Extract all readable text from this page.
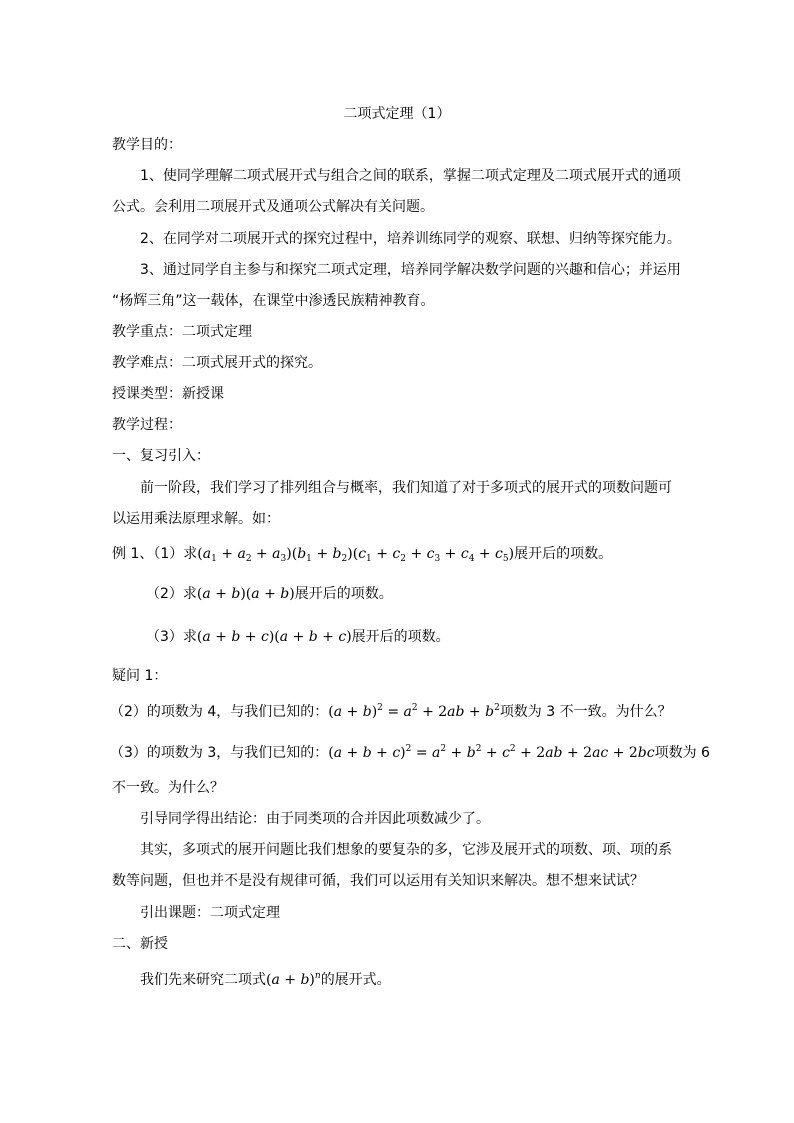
二项式定理（1）
教学目的：
1、使同学理解二项式展开式与组合之间的联系，掌握二项式定理及二项式展开式的通项
公式。会利用二项展开式及通项公式解决有关问题。
2、在同学对二项展开式的探究过程中，培养训练同学的观察、联想、归纳等探究能力。
3、通过同学自主参与和探究二项式定理，培养同学解决数学问题的兴趣和信心；并运用
“杨辉三角”这一载体，在课堂中渗透民族精神教育。
教学重点：二项式定理
教学难点：二项式展开式的探究。
授课类型：新授课
教学过程：
一、复习引入：
前一阶段，我们学习了排列组合与概率，我们知道了对于多项式的展开式的项数问题可
以运用乘法原理求解。如：
例 1、（1）求$(a_1 + a_2 + a_3)(b_1 + b_2)(c_1 + c_2 + c_3 + c_4 + c_5)$展开后的项数。
（2）求(a + b)(a + b)展开后的项数。
（3）求(a + b + c)(a + b + c)展开后的项数。
疑问 1：
（2）的项数为 4，与我们已知的：$(a + b)^2 = a^2 + 2ab + b^2$项数为 3 不一致。为什么？
（3）的项数为 3，与我们已知的：$(a + b + c)^2 = a^2 + b^2 + c^2 + 2ab + 2ac + 2bc$项数为 6
不一致。为什么？
引导同学得出结论：由于同类项的合并因此项数减少了。
其实，多项式的展开问题比我们想象的要复杂的多，它涉及展开式的项数、项、项的系
数等问题，但也并不是没有规律可循，我们可以运用有关知识来解决。想不想来试试？
引出课题：二项式定理
二、新授
我们先来研究二项式$(a + b)^n$的展开式。
